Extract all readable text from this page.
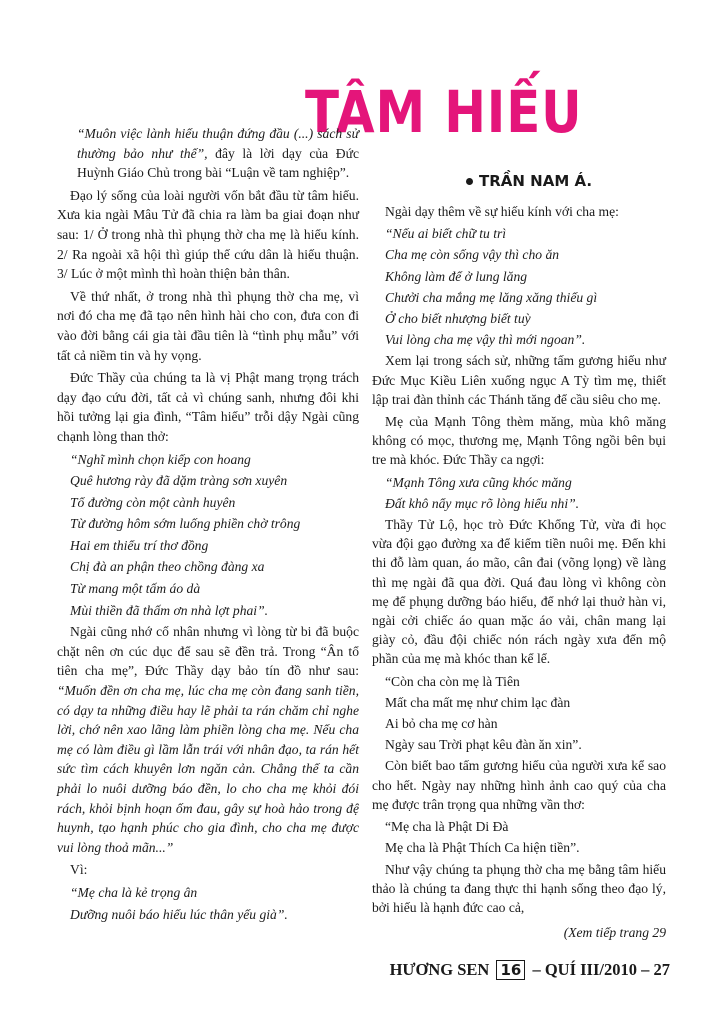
TÂM HIẾU

TRẦN NAM Á.

“Muôn việc lành hiếu thuận đứng đầu (...) sách sử thường bảo như thế”, đây là lời dạy của Đức Huỳnh Giáo Chủ trong bài “Luận về tam nghiệp”.

Đạo lý sống của loài người vốn bắt đầu từ tâm hiếu. Xưa kia ngài Mâu Tử đã chia ra làm ba giai đoạn như sau: 1/ Ở trong nhà thì phụng thờ cha mẹ là hiếu kính. 2/ Ra ngoài xã hội thì giúp thế cứu dân là hiếu thuận. 3/ Lúc ở một mình thì hoàn thiện bản thân.

Về thứ nhất, ở trong nhà thì phụng thờ cha mẹ, vì nơi đó cha mẹ đã tạo nên hình hài cho con, đưa con đi vào đời bằng cái gia tài đầu tiên là “tình phụ mẫu” với tất cả niềm tin và hy vọng.

Đức Thầy của chúng ta là vị Phật mang trọng trách dạy đạo cứu đời, tất cả vì chúng sanh, nhưng đôi khi hồi tưởng lại gia đình, “Tâm hiếu” trỗi dậy Ngài cũng chạnh lòng than thở:

“Nghĩ mình chọn kiếp con hoang

Quê hương rày đã dặm tràng sơn xuyên

Tổ đường còn một cành huyên

Từ đường hôm sớm luống phiền chờ trông

Hai em thiểu trí thơ đồng

Chị đà an phận theo chồng đàng xa

Từ mang một tấm áo dà

Mùi thiền đã thấm ơn nhà lợt phai”.

Ngài cũng nhớ cố nhân nhưng vì lòng từ bi đã buộc chặt nên ơn cúc dục để sau sẽ đền trả. Trong “Ân tổ tiên cha mẹ”, Đức Thầy dạy bảo tín đồ như sau: “Muốn đền ơn cha mẹ, lúc cha mẹ còn đang sanh tiền, có dạy ta những điều hay lẽ phải ta rán chăm chỉ nghe lời, chớ nên xao lãng làm phiền lòng cha mẹ. Nếu cha mẹ có làm điều gì lầm lẫn trái với nhân đạo, ta rán hết sức tìm cách khuyên lơn ngăn cản. Chẳng thế ta cần phải lo nuôi dưỡng báo đền, lo cho cha mẹ khỏi đói rách, khỏi bịnh hoạn ốm đau, gây sự hoà hảo trong đệ huynh, tạo hạnh phúc cho gia đình, cho cha mẹ được vui lòng thoả mãn...”

Vì:

“Mẹ cha là kẻ trọng ân

Dưỡng nuôi báo hiếu lúc thân yếu già”.

Ngài dạy thêm về sự hiếu kính với cha mẹ:

“Nếu ai biết chữ tu trì

Cha mẹ còn sống vậy thì cho ăn

Không làm để ở lung lăng

Chưởi cha mắng mẹ lăng xăng thiếu gì

Ở cho biết nhượng biết tuỳ

Vui lòng cha mẹ vậy thì mới ngoan”.

Xem lại trong sách sử, những tấm gương hiếu như Đức Mục Kiều Liên xuống ngục A Tỳ tìm mẹ, thiết lập trai đàn thỉnh các Thánh tăng để cầu siêu cho mẹ.

Mẹ của Mạnh Tông thèm măng, mùa khô măng không có mọc, thương mẹ, Mạnh Tông ngồi bên bụi tre mà khóc. Đức Thầy ca ngợi:

“Mạnh Tông xưa cũng khóc măng

Đất khô nẩy mục rõ lòng hiếu nhi”.

Thầy Tử Lộ, học trò Đức Khổng Tử, vừa đi học vừa đội gạo đường xa để kiếm tiền nuôi mẹ. Đến khi thi đỗ làm quan, áo mão, cân đai (võng lọng) về làng thì mẹ ngài đã qua đời. Quá đau lòng vì không còn mẹ để phụng dưỡng báo hiếu, để nhớ lại thuở hàn vi, ngài cởi chiếc áo quan mặc áo vải, chân mang lại giày cỏ, đầu đội chiếc nón rách ngày xưa đến mộ phần của mẹ mà khóc than kể lể.

“Còn cha còn mẹ là Tiên

Mất cha mất mẹ như chim lạc đàn

Ai bỏ cha mẹ cơ hàn

Ngày sau Trời phạt kêu đàn ăn xin”.

Còn biết bao tấm gương hiếu của người xưa kể sao cho hết. Ngày nay những hình ảnh cao quý của cha mẹ được trân trọng qua những vần thơ:

“Mẹ cha là Phật Di Đà

Mẹ cha là Phật Thích Ca hiện tiền”.

Như vậy chúng ta phụng thờ cha mẹ bằng tâm hiếu thảo là chúng ta đang thực thi hạnh sống theo đạo lý, bởi hiếu là hạnh đức cao cả,

(Xem tiếp trang 29

HƯƠNG SEN 16 – QUÍ III/2010 – 27
